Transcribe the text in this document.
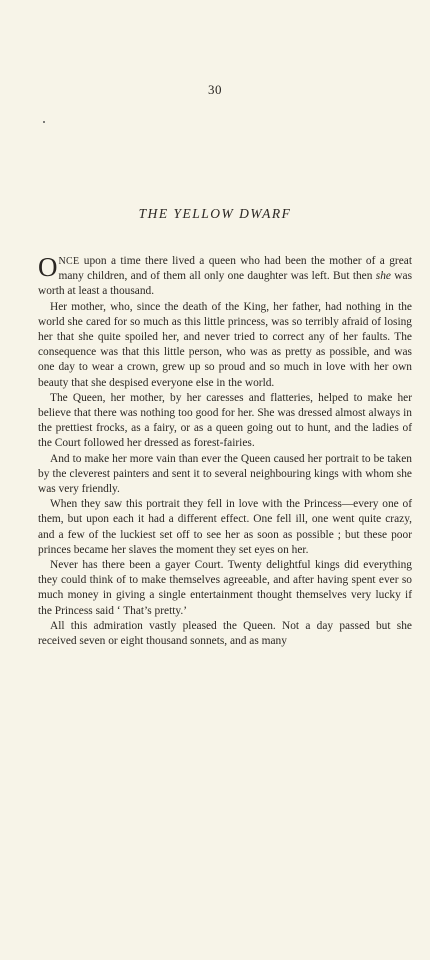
30
THE YELLOW DWARF

ONCE upon a time there lived a queen who had been the mother of a great many children, and of them all only one daughter was left. But then she was worth at least a thousand.

Her mother, who, since the death of the King, her father, had nothing in the world she cared for so much as this little princess, was so terribly afraid of losing her that she quite spoiled her, and never tried to correct any of her faults. The consequence was that this little person, who was as pretty as possible, and was one day to wear a crown, grew up so proud and so much in love with her own beauty that she despised everyone else in the world.

The Queen, her mother, by her caresses and flatteries, helped to make her believe that there was nothing too good for her. She was dressed almost always in the prettiest frocks, as a fairy, or as a queen going out to hunt, and the ladies of the Court followed her dressed as forest-fairies.

And to make her more vain than ever the Queen caused her portrait to be taken by the cleverest painters and sent it to several neighbouring kings with whom she was very friendly.

When they saw this portrait they fell in love with the Princess—every one of them, but upon each it had a different effect. One fell ill, one went quite crazy, and a few of the luckiest set off to see her as soon as possible ; but these poor princes became her slaves the moment they set eyes on her.

Never has there been a gayer Court. Twenty delightful kings did everything they could think of to make themselves agreeable, and after having spent ever so much money in giving a single entertainment thought themselves very lucky if the Princess said ‘ That’s pretty.’

All this admiration vastly pleased the Queen. Not a day passed but she received seven or eight thousand sonnets, and as many
